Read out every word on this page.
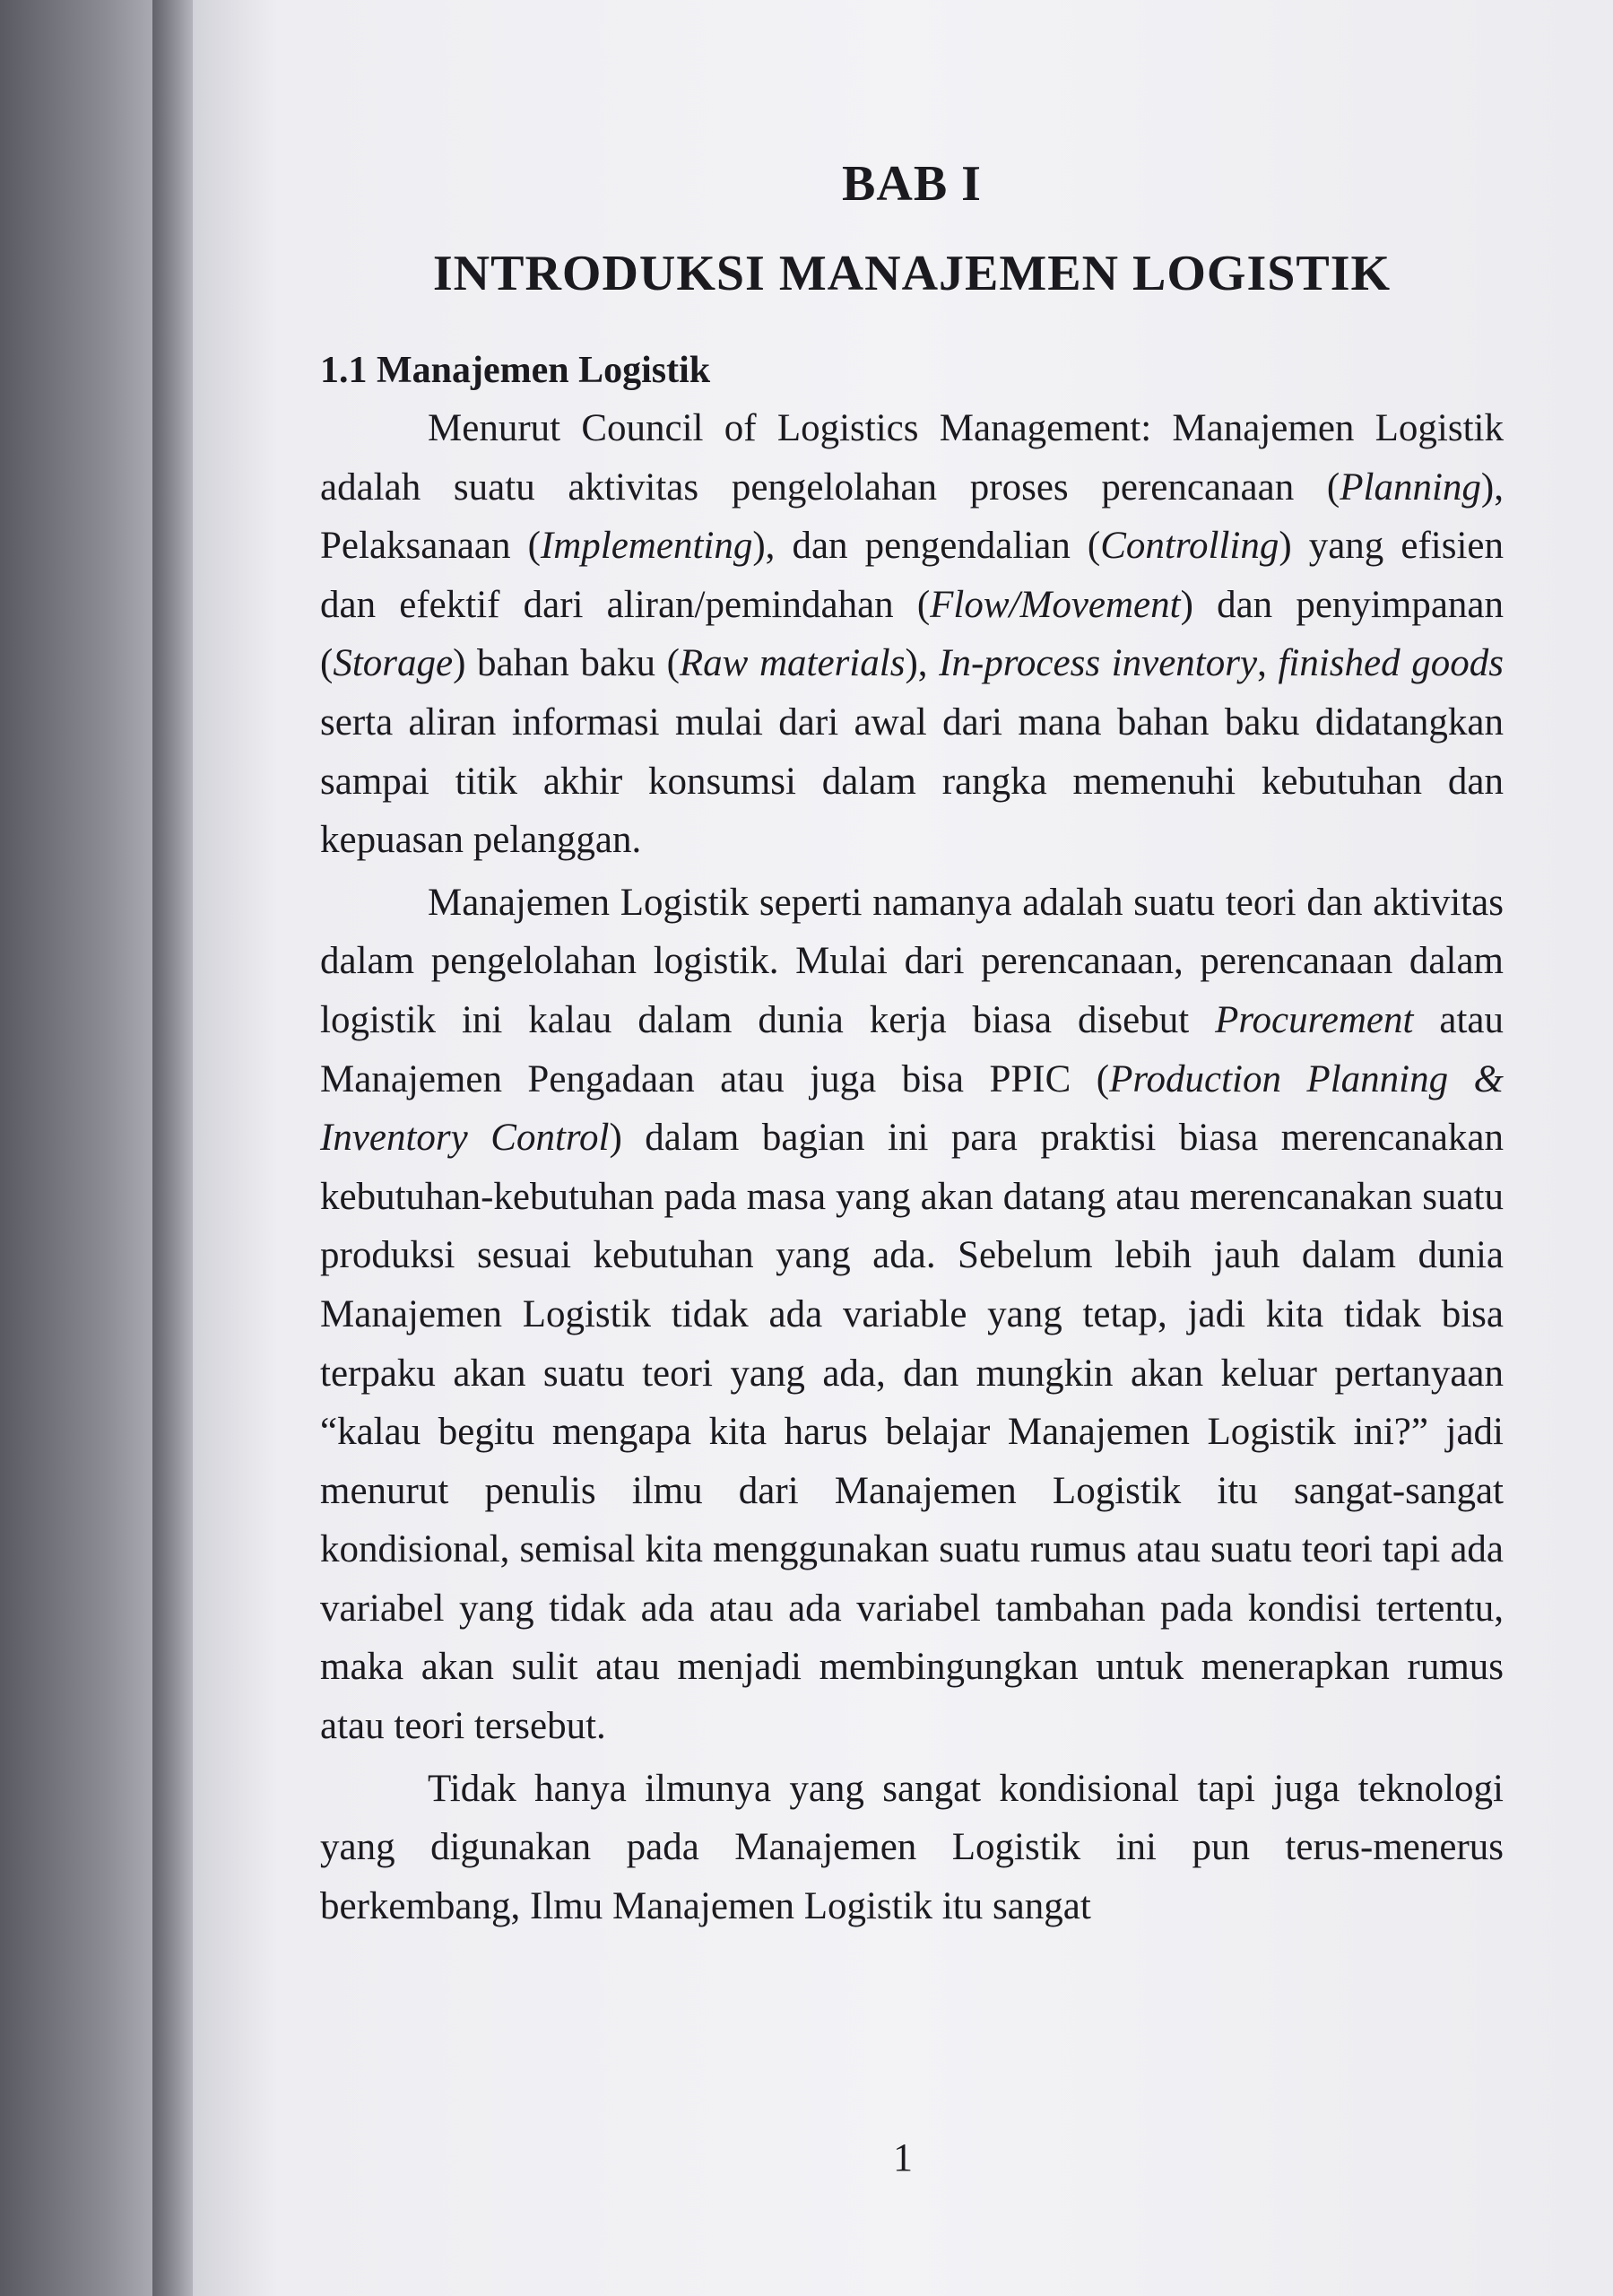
BAB I
INTRODUKSI MANAJEMEN LOGISTIK
1.1 Manajemen Logistik

Menurut Council of Logistics Management: Manajemen Logistik adalah suatu aktivitas pengelolahan proses perencanaan (Planning), Pelaksanaan (Implementing), dan pengendalian (Controlling) yang efisien dan efektif dari aliran/pemindahan (Flow/Movement) dan penyimpanan (Storage) bahan baku (Raw materials), In-process inventory, finished goods serta aliran informasi mulai dari awal dari mana bahan baku didatangkan sampai titik akhir konsumsi dalam rangka memenuhi kebutuhan dan kepuasan pelanggan.

Manajemen Logistik seperti namanya adalah suatu teori dan aktivitas dalam pengelolahan logistik. Mulai dari perencanaan, perencanaan dalam logistik ini kalau dalam dunia kerja biasa disebut Procurement atau Manajemen Pengadaan atau juga bisa PPIC (Production Planning & Inventory Control) dalam bagian ini para praktisi biasa merencanakan kebutuhan-kebutuhan pada masa yang akan datang atau merencanakan suatu produksi sesuai kebutuhan yang ada. Sebelum lebih jauh dalam dunia Manajemen Logistik tidak ada variable yang tetap, jadi kita tidak bisa terpaku akan suatu teori yang ada, dan mungkin akan keluar pertanyaan “kalau begitu mengapa kita harus belajar Manajemen Logistik ini?” jadi menurut penulis ilmu dari Manajemen Logistik itu sangat-sangat kondisional, semisal kita menggunakan suatu rumus atau suatu teori tapi ada variabel yang tidak ada atau ada variabel tambahan pada kondisi tertentu, maka akan sulit atau menjadi membingungkan untuk menerapkan rumus atau teori tersebut.

Tidak hanya ilmunya yang sangat kondisional tapi juga teknologi yang digunakan pada Manajemen Logistik ini pun terus-menerus berkembang, Ilmu Manajemen Logistik itu sangat

1
